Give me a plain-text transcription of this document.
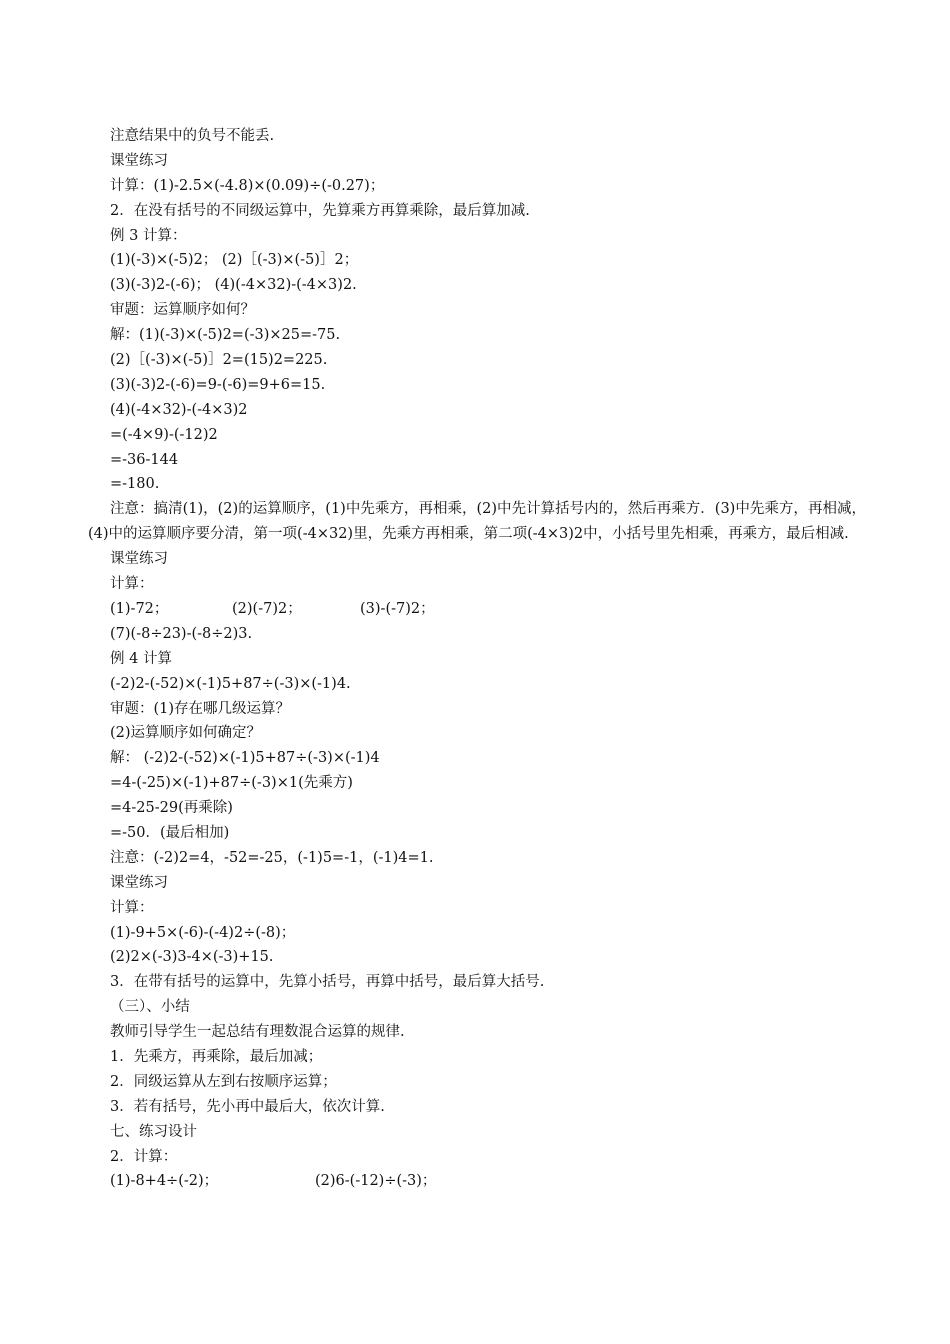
注意结果中的负号不能丢.
课堂练习
计算：(1)-2.5×(-4.8)×(0.09)÷(-0.27)；
2．在没有括号的不同级运算中，先算乘方再算乘除，最后算加减.
例 3 计算：
(1)(-3)×(-5)2； (2)［(-3)×(-5)］2；
(3)(-3)2-(-6)； (4)(-4×32)-(-4×3)2.
审题：运算顺序如何？
解：(1)(-3)×(-5)2=(-3)×25=-75.
(2)［(-3)×(-5)］2=(15)2=225.
(3)(-3)2-(-6)=9-(-6)=9+6=15.
(4)(-4×32)-(-4×3)2
=(-4×9)-(-12)2
=-36-144
=-180.
注意：搞清(1)，(2)的运算顺序，(1)中先乘方，再相乘，(2)中先计算括号内的，然后再乘方．(3)中先乘方，再相减，(4)中的运算顺序要分清，第一项(-4×32)里，先乘方再相乘，第二项(-4×3)2中，小括号里先相乘，再乘方，最后相减.
课堂练习
计算：
(1)-72；	(2)(-7)2；	(3)-(-7)2；
(7)(-8÷23)-(-8÷2)3.
例 4 计算
(-2)2-(-52)×(-1)5+87÷(-3)×(-1)4.
审题：(1)存在哪几级运算？
(2)运算顺序如何确定？
解： (-2)2-(-52)×(-1)5+87÷(-3)×(-1)4
=4-(-25)×(-1)+87÷(-3)×1(先乘方)
=4-25-29(再乘除)
=-50．(最后相加)
注意：(-2)2=4，-52=-25，(-1)5=-1，(-1)4=1.
课堂练习
计算：
(1)-9+5×(-6)-(-4)2÷(-8)；
(2)2×(-3)3-4×(-3)+15.
3．在带有括号的运算中，先算小括号，再算中括号，最后算大括号.
（三）、小结
教师引导学生一起总结有理数混合运算的规律.
1．先乘方，再乘除，最后加减；
2．同级运算从左到右按顺序运算；
3．若有括号，先小再中最后大，依次计算.
七、练习设计
2．计算：
(1)-8+4÷(-2)；	(2)6-(-12)÷(-3)；
